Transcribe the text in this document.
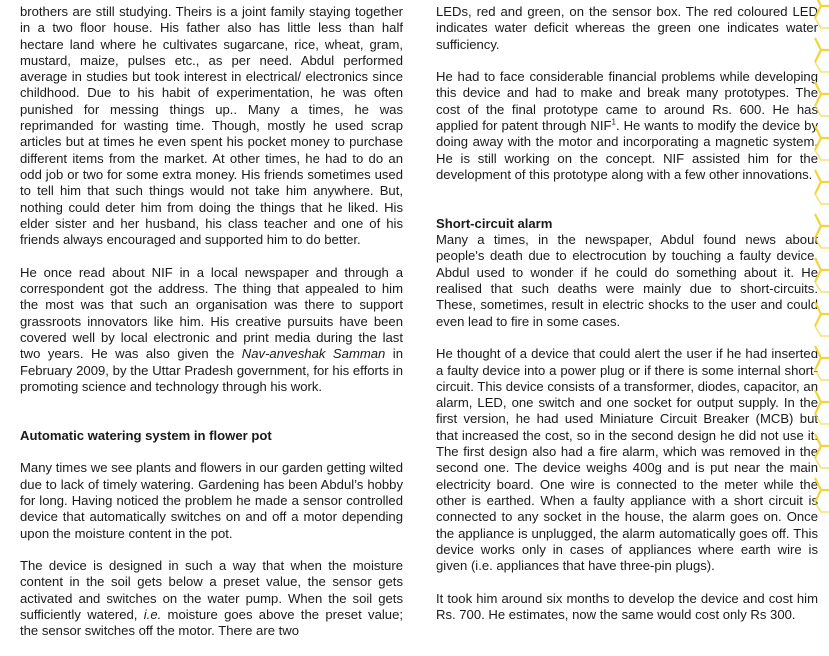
brothers are still studying. Theirs is a joint family staying together in a two floor house. His father also has little less than half hectare land where he cultivates sugarcane, rice, wheat, gram, mustard, maize, pulses etc., as per need. Abdul performed average in studies but took interest in electrical/ electronics since childhood. Due to his habit of experimentation, he was often punished for messing things up.. Many a times, he was reprimanded for wasting time. Though, mostly he used scrap articles but at times he even spent his pocket money to purchase different items from the market. At other times, he had to do an odd job or two for some extra money. His friends sometimes used to tell him that such things would not take him anywhere. But, nothing could deter him from doing the things that he liked. His elder sister and her husband, his class teacher and one of his friends always encouraged and supported him to do better.

He once read about NIF in a local newspaper and through a correspondent got the address. The thing that appealed to him the most was that such an organisation was there to support grassroots innovators like him. His creative pursuits have been covered well by local electronic and print media during the last two years. He was also given the Nav-anveshak Samman in February 2009, by the Uttar Pradesh government, for his efforts in promoting science and technology through his work.

Automatic watering system in flower pot

Many times we see plants and flowers in our garden getting wilted due to lack of timely watering. Gardening has been Abdul’s hobby for long. Having noticed the problem he made a sensor controlled device that automatically switches on and off a motor depending upon the moisture content in the pot.

The device is designed in such a way that when the moisture content in the soil gets below a preset value, the sensor gets activated and switches on the water pump. When the soil gets sufficiently watered, i.e. moisture goes above the preset value; the sensor switches off the motor. There are two

LEDs, red and green, on the sensor box. The red coloured LED indicates water deficit whereas the green one indicates water sufficiency.

He had to face considerable financial problems while developing this device and had to make and break many prototypes. The cost of the final prototype came to around Rs. 600. He has applied for patent through NIF$^1$. He wants to modify the device by doing away with the motor and incorporating a magnetic system. He is still working on the concept. NIF assisted him for the development of this prototype along with a few other innovations.

Short-circuit alarm

Many a times, in the newspaper, Abdul found news about people's death due to electrocution by touching a faulty device. Abdul used to wonder if he could do something about it. He realised that such deaths were mainly due to short-circuits. These, sometimes, result in electric shocks to the user and could even lead to fire in some cases.

He thought of a device that could alert the user if he had inserted a faulty device into a power plug or if there is some internal short-circuit. This device consists of a transformer, diodes, capacitor, an alarm, LED, one switch and one socket for output supply. In the first version, he had used Miniature Circuit Breaker (MCB) but that increased the cost, so in the second design he did not use it. The first design also had a fire alarm, which was removed in the second one. The device weighs 400g and is put near the main electricity board. One wire is connected to the meter while the other is earthed. When a faulty appliance with a short circuit is connected to any socket in the house, the alarm goes on. Once the appliance is unplugged, the alarm automatically goes off. This device works only in cases of appliances where earth wire is given (i.e. appliances that have three-pin plugs).

It took him around six months to develop the device and cost him Rs. 700. He estimates, now the same would cost only Rs 300.
